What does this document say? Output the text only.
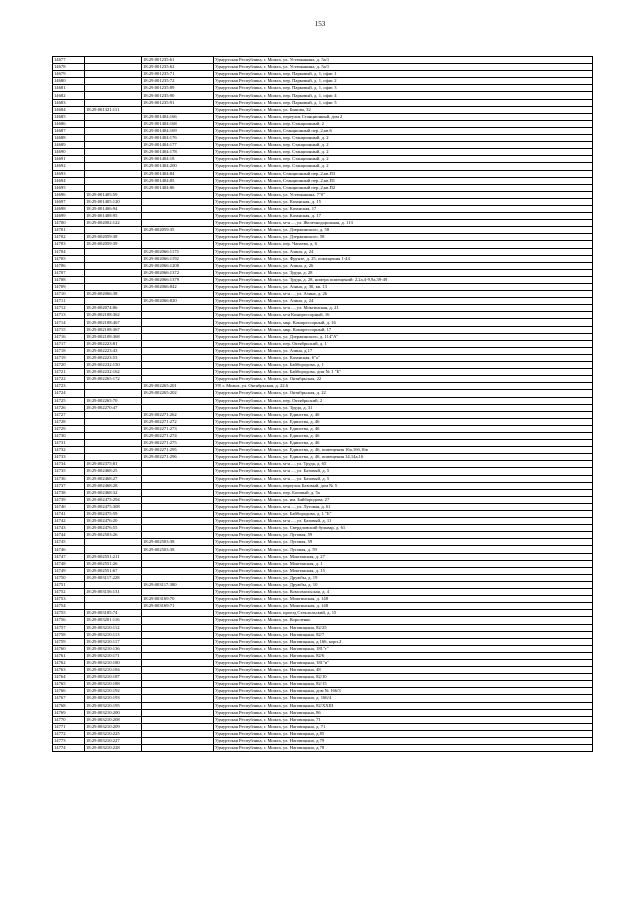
153
14677		18:29:001235:61	Удмуртская Республика, г. Можга, ул. Устюжанина, д. 5а/1
14678		18:29:001235:62	Удмуртская Республика, г. Можга, ул. Устюжанина, д. 5а/1
14679		18:29:001235:71	Удмуртская Республика, г. Можга, пер. Парковый, д. 1, офис 1
14680		18:29:001235:72	Удмуртская Республика, г. Можга, пер. Парковый, д. 1, офис 2
14681		18:29:001235:89	Удмуртская Республика, г. Можга, пер. Парковый, д. 1, офис 3
14682		18:29:001235:90	Удмуртская Республика, г. Можга, пер. Парковый, д. 1, офис 4
14683		18:29:001235:91	Удмуртская Республика, г. Можга, пер. Парковый, д. 1, офис 5
14684	18:29:001321:111		Удмуртская Республика, г. Можга, ул. Быкова, 32
14685		18:29:001404:166	Удмуртская Республика, г. Можга, переулок Станционный, дом 2
14686		18:29:001404:168	Удмуртская Республика, г. Можга, пер. Станционный, 2
14687		18:29:001404:169	Удмуртская Республика, г. Можга, Станционный пер.,2,кв.6
14688		18:29:001404:176	Удмуртская Республика, г. Можга, пер. Станционный, д. 2
14689		18:29:001404:177	Удмуртская Республика, г. Можга, пер. Станционный, д. 2
14690		18:29:001404:178	Удмуртская Республика, г. Можга, пер. Станционный, д. 2
14691		18:29:001404:18	Удмуртская Республика, г. Можга, пер. Станционный, д. 2
14692		18:29:001404:200	Удмуртская Республика, г. Можга, пер. Станционный, д. 2
14693		18:29:001404:84	Удмуртская Республика, г. Можга, Станционный пер.,2,кв.П3
14694		18:29:001404:85	Удмуртская Республика, г. Можга, Станционный пер.,2,кв.П1
14695		18:29:001404:86	Удмуртская Республика, г. Можга, Станционный пер.,2,кв.П2
14696	18:29:001405:59		Удмуртская Республика, г. Можга, ул. Устюжанина, 7"б"
14697	18:29:001405:120		Удмуртская Республика, г. Можга, ул. Казанская, д. 15
14698	18:29:001406:94		Удмуртская Республика, г. Можга, ул. Казанская, 17
14699	18:29:001408:95		Удмуртская Республика, г. Можга, ул. Казанская, д. 17
14700	18:29:002002:122		Удмуртская Республика, г. Можга, м-н ..., ул. Железнодорожная, д. 113
14701		18:29:002059:35	Удмуртская Республика, г. Можга, ул. Дзержинского, д. 58
14702	18:29:002059:38		Удмуртская Республика, г. Можга, ул. Дзержинского, 58
14703	18:29:002059:39		Удмуртская Республика, г. Можга, пер. Чапаева, д. 6
14704		18:29:002066:1175	Удмуртская Республика, г. Можга, ул. Азина, д. 24
14705		18:29:002066:1192	Удмуртская Республика, г. Можга, ул. Фрунзе, д. 25, помещения 1-44
14706		18:29:002066:1200	Удмуртская Республика, г. Можга, ул. Азина, д. 26
14707		18:29:002066:1372	Удмуртская Республика, г. Можга, ул. Труда, д. 28
14708		18:29:002066:1379	Удмуртская Республика, г. Можга, ул. Труда, д. 28, номера помещений: 2,2а,4-9,9а,39-49
14709		18:29:002066:842	Удмуртская Республика, г. Можга, ул. Азина, д. 30, кв. 13
14710	18:29:002066:38		Удмуртская Республика, г. Можга, м-н ..., ул. Азина, д. 26
14711		18:29:002066:820	Удмуртская Республика, г. Можга, ул. Азина, д. 24
14712	18:29:002074:86		Удмуртская Республика, г. Можга, м-н ..., ул. Мокгинская, д. 21
14713	18:29:002108:362		Удмуртская Республика, г. Можга, м-н Компрессорный, 16
14714	18:29:002108:467		Удмуртская Республика, г. Можга, мкр. Компрессорный, д. 16
14715	18:29:002108:367		Удмуртская Республика, г. Можга, мкр. Компрессорный, 17
14716	18:29:002108:368		Удмуртская Республика, г. Можга, ул. Дзержинского, д. 114"А"
14717	18:29:002223:81		Удмуртская Республика, г. Можга, пер. Октябрьский, д. 1
14718	18:29:002223:43		Удмуртская Республика, г. Можга, ул. Азина, д.17
14719	18:29:002223:53		Удмуртская Республика, г. Можга, ул. Казанская, 6"а"
14720	18:29:002232:150		Удмуртская Республика, г. Можга, ул. Байбородова, д. 1
14721	18:29:002232:162		Удмуртская Республика, г. Можга, ул. Байбородова, дом № 1 "Б"
14722	18:29:002265:172		Удмуртская Республика, г. Можга, ул. Октябрьская, 22
14723		18:29:002265:201	УР, г. Можга, ул. Октябрьская, д. 22.6
14724		18:29:002265:202	Удмуртская Республика, г. Можга, ул. Октябрьская, д. 22
14725	18:29:002265:70		Удмуртская Республика, г. Можга, пер. Октябрьский, 2
14726	18:29:002270:47		Удмуртская Республика, г. Можга, ул. Труда, д. 31
14727		18:29:002271:262	Удмуртская Республика, г. Можга, ул. Единства, д. 46
14728		18:29:002271:272	Удмуртская Республика, г. Можга, ул. Единства, д. 46
14729		18:29:002271:273	Удмуртская Республика, г. Можга, ул. Единства, д. 46
14730		18:29:002271:274	Удмуртская Республика, г. Можга, ул. Единства, д. 46
14731		18:29:002271:275	Удмуртская Республика, г. Можга, ул. Единства, д. 46
14732		18:29:002271:295	Удмуртская Республика, г. Можга, ул. Единства, д. 46, помещения 16а,16б,16в
14733		18:29:002271:296	Удмуртская Республика, г. Можга, ул. Единства, д. 46, помещения 14,14а,16
14734	18:29:002375:81		Удмуртская Республика, г. Можга, м-н ..., ул. Труда, д. 65
14735	18:29:002468:25		Удмуртская Республика, г. Можга, м-н ..., ул. Базовый, д. 5
14736	18:29:002468:27		Удмуртская Республика, г. Можга, м-н ..., ул. Базовый, д. 5
14737	18:29:002468:28		Удмуртская Республика, г. Можга, переулок Базовый, дом № 5
14738	18:29:002468:32		Удмуртская Республика, г. Можга, пер. Базовый, д. 5а
14739	18:29:002475:294		Удмуртская Республика, г. Можга, ул. им. Байбородова, 27
14740	18:29:002475:308		Удмуртская Республика, г. Можга, м-н ..., ул. Луговая, д. 61
14741	18:29:002475:59		Удмуртская Республика, г. Можга, ул. Байбородова, д. 1 "Б"
14742	18:29:002476:20		Удмуртская Республика, г. Можга, м-н ..., ул. Базовый, д. 11
14743	18:29:002476:55		Удмуртская Республика, г. Можга, ул. Свердловский бульвар, д. 61
14744	18:29:002503:26		Удмуртская Республика, г. Можга, ул. Луговая, 59
14745		18:29:002503:38	Удмуртская Республика, г. Можга, ул. Луговая, 59
14746		18:29:002503:38	Удмуртская Республика, г. Можга, ул. Луговая, д. 59
14747	18:29:002551:211		Удмуртская Республика, г. Можга, ул. Мокгинская, д. 27
14748	18:29:002551:26		Удмуртская Республика, г. Можга, ул. Мокгинская, д. 1
14749	18:29:002551:67		Удмуртская Республика, г. Можга, ул. Мокгинская, д. 15
14750	18:29:003117:228		Удмуртская Республика, г. Можга, ул. Дружбы, д. 19
14751		18:29:003117:380	Удмуртская Республика, г. Можга, ул. Дружбы, д. 10
14752	18:29:003156:131		Удмуртская Республика, г. Можга, ул. Комсомольская, д. 4
14753		18:29:003169:70	Удмуртская Республика, г. Можга, ул. Можгинская, д. 148
14754		18:29:003169:71	Удмуртская Республика, г. Можга, ул. Можгинская, д. 148
14755	18:29:003185:74		Удмуртская Республика, г. Можга, проезд Стеклольский, д. 15
14756	18:29:003201:116		Удмуртская Республика, г. Можга, ул. Короленко
14757	18:29:003210:112		Удмуртская Республика, г. Можга, ул. Наговицына, 82/25
14758	18:29:003210:113		Удмуртская Республика, г. Можга, ул. Наговицына, 82/7
14759	18:29:003210:117		Удмуртская Республика, г. Можга, ул. Наговицына, д.166, корп.2
14760	18:29:003210:136		Удмуртская Республика, г. Можга, ул. Наговицына, 181"г"
14761	18:29:003210:171		Удмуртская Республика, г. Можга, ул. Наговицына, 82/6
14762	18:29:003210:180		Удмуртская Республика, г. Можга, ул. Наговицына, 181"в"
14763	18:29:003210:184		Удмуртская Республика, г. Можга, ул. Наговицына, 48
14764	18:29:003210:187		Удмуртская Республика, г. Можга, ул. Наговицына, 82/10
14765	18:29:003210:188		Удмуртская Республика, г. Можга, ул. Наговицына, 82/15
14766	18:29:003210:192		Удмуртская Республика, г. Можга, ул. Наговицына, дом № 166/3
14767	18:29:003210:193		Удмуртская Республика, г. Можга, ул. Наговицына, д. 166/4
14768	18:29:003210:195		Удмуртская Республика, г. Можга, ул. Наговицына, 82/ХХIII
14769	18:29:003210:200		Удмуртская Республика, г. Можга, ул. Наговицына, 86
14770	18:29:003210:208		Удмуртская Республика, г. Можга, ул. Наговицына, 71
14771	18:29:003210:209		Удмуртская Республика, г. Можга, ул. Наговицына, д. 71
14772	18:29:003210:225		Удмуртская Республика, г. Можга, ул. Наговицына, д.85
14773	18:29:003210:227		Удмуртская Республика, г. Можга, ул. Наговицына, д.79
14774	18:29:003210:228		Удмуртская Республика, г. Можга, ул. Наговицына, д.78
